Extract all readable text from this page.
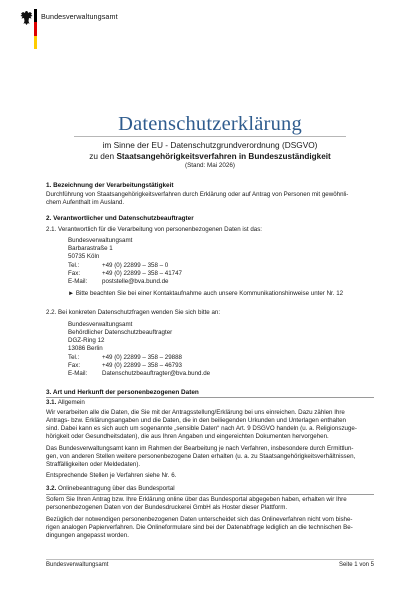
Bundesverwaltungsamt
Datenschutzerklärung
im Sinne der EU - Datenschutzgrundverordnung (DSGVO)
zu den Staatsangehörigkeitsverfahren in Bundeszuständigkeit
(Stand: Mai 2026)
1. Bezeichnung der Verarbeitungstätigkeit
Durchführung von Staatsangehörigkeitsverfahren durch Erklärung oder auf Antrag von Personen mit gewöhnli-
chem Aufenthalt im Ausland.
2. Verantwortlicher und Datenschutzbeauftragter
2.1. Verantwortlich für die Verarbeitung von personenbezogenen Daten ist das:
Bundesverwaltungsamt
Barbarastraße 1
50735 Köln
Tel.:	+49 (0) 22899 – 358 – 0
Fax:	+49 (0) 22899 – 358 – 41747
E-Mail: poststelle@bva.bund.de
► Bitte beachten Sie bei einer Kontaktaufnahme auch unsere Kommunikationshinweise unter Nr. 12
2.2. Bei konkreten Datenschutzfragen wenden Sie sich bitte an:
Bundesverwaltungsamt
Behördlicher Datenschutzbeauftragter
DGZ-Ring 12
13086 Berlin
Tel.:	+49 (0) 22899 – 358 – 29888
Fax:	+49 (0) 22899 – 358 – 46793
E-Mail: Datenschutzbeauftragter@bva.bund.de
3. Art und Herkunft der personenbezogenen Daten
3.1. Allgemein
Wir verarbeiten alle die Daten, die Sie mit der Antragsstellung/Erklärung bei uns einreichen. Dazu zählen Ihre
Antrags- bzw. Erklärungsangaben und die Daten, die in den beiliegenden Urkunden und Unterlagen enthalten
sind. Dabei kann es sich auch um sogenannte „sensible Daten“ nach Art. 9 DSGVO handeln (u. a. Religionszuge-
hörigkeit oder Gesundheitsdaten), die aus Ihren Angaben und eingereichten Dokumenten hervorgehen.
Das Bundesverwaltungsamt kann im Rahmen der Bearbeitung je nach Verfahren, insbesondere durch Ermittlun-
gen, von anderen Stellen weitere personenbezogene Daten erhalten (u. a. zu Staatsangehörigkeitsverhältnissen,
Straffälligkeiten oder Meldedaten).
Entsprechende Stellen je Verfahren siehe Nr. 6.
3.2. Onlinebeantragung über das Bundesportal
Sofern Sie Ihren Antrag bzw. Ihre Erklärung online über das Bundesportal abgegeben haben, erhalten wir Ihre
personenbezogenen Daten von der Bundesdruckerei GmbH als Hoster dieser Plattform.
Bezüglich der notwendigen personenbezogenen Daten unterscheidet sich das Onlineverfahren nicht vom bishe-
rigen analogen Papierverfahren. Die Onlineformulare sind bei der Datenabfrage lediglich an die technischen Be-
dingungen angepasst worden.
Bundesverwaltungsamt	Seite 1 von 5
